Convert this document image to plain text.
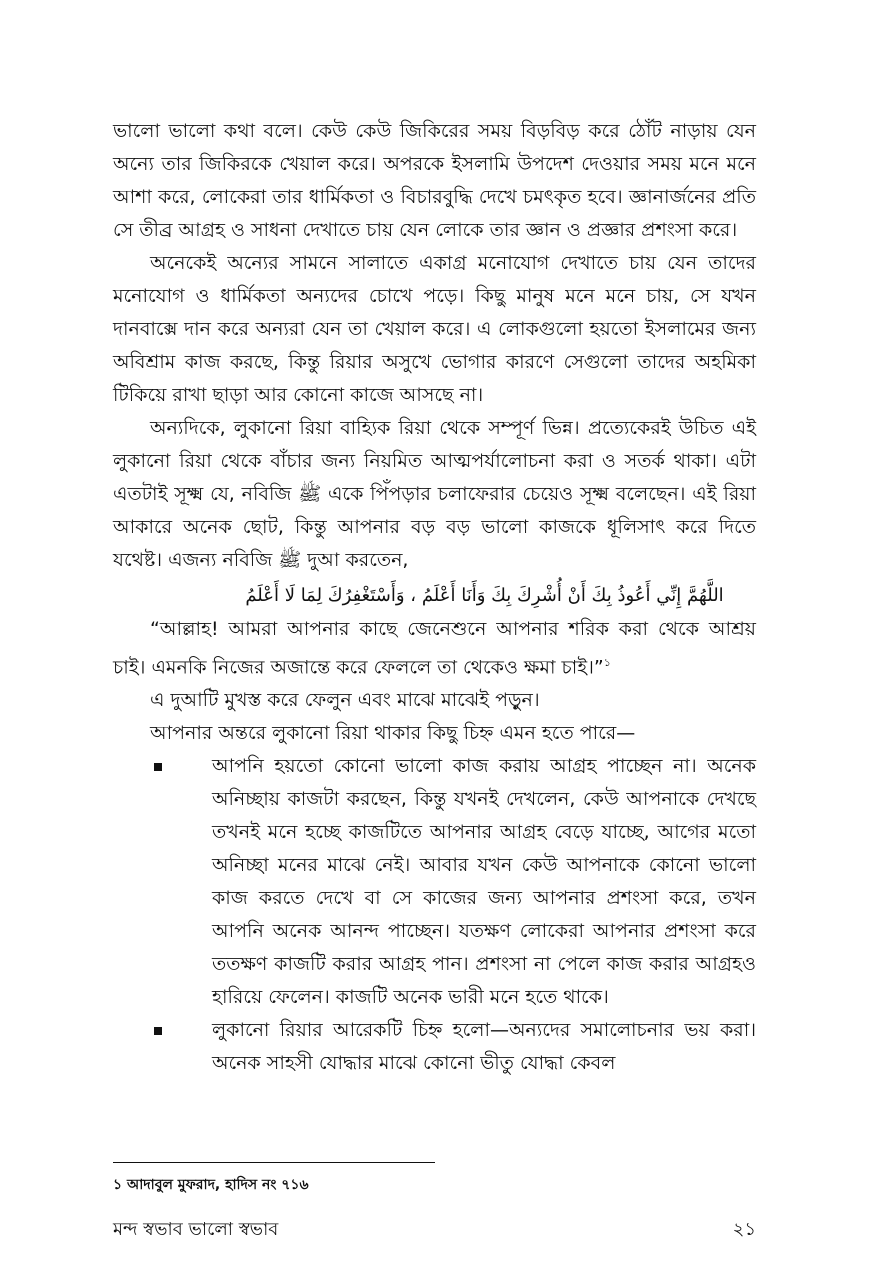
ভালো ভালো কথা বলে। কেউ কেউ জিকিরের সময় বিড়বিড় করে ঠোঁট নাড়ায় যেন অন্যে তার জিকিরকে খেয়াল করে। অপরকে ইসলামি উপদেশ দেওয়ার সময় মনে মনে আশা করে, লোকেরা তার ধার্মিকতা ও বিচারবুদ্ধি দেখে চমৎকৃত হবে। জ্ঞানার্জনের প্রতি সে তীব্র আগ্রহ ও সাধনা দেখাতে চায় যেন লোকে তার জ্ঞান ও প্রজ্ঞার প্রশংসা করে।

অনেকেই অন্যের সামনে সালাতে একাগ্র মনোযোগ দেখাতে চায় যেন তাদের মনোযোগ ও ধার্মিকতা অন্যদের চোখে পড়ে। কিছু মানুষ মনে মনে চায়, সে যখন দানবাক্সে দান করে অন্যরা যেন তা খেয়াল করে। এ লোকগুলো হয়তো ইসলামের জন্য অবিশ্রাম কাজ করছে, কিন্তু রিয়ার অসুখে ভোগার কারণে সেগুলো তাদের অহমিকা টিকিয়ে রাখা ছাড়া আর কোনো কাজে আসছে না।

অন্যদিকে, লুকানো রিয়া বাহ্যিক রিয়া থেকে সম্পূর্ণ ভিন্ন। প্রত্যেকেরই উচিত এই লুকানো রিয়া থেকে বাঁচার জন্য নিয়মিত আত্মপর্যালোচনা করা ও সতর্ক থাকা। এটা এতটাই সূক্ষ্ম যে, নবিজি ﷺ একে পিঁপড়ার চলাফেরার চেয়েও সূক্ষ্ম বলেছেন। এই রিয়া আকারে অনেক ছোট, কিন্তু আপনার বড় বড় ভালো কাজকে ধূলিসাৎ করে দিতে যথেষ্ট। এজন্য নবিজি ﷺ দুআ করতেন,

اللَّهُمَّ إِنِّي أَعُوذُ بِكَ أَنْ أُشْرِكَ بِكَ وَأَنَا أَعْلَمُ ، وَأَسْتَغْفِرُكَ لِمَا لَا أَعْلَمُ

“আল্লাহ! আমরা আপনার কাছে জেনেশুনে আপনার শরিক করা থেকে আশ্রয় চাই। এমনকি নিজের অজান্তে করে ফেললে তা থেকেও ক্ষমা চাই।”$^১$

এ দুআটি মুখস্ত করে ফেলুন এবং মাঝে মাঝেই পড়ুন।

আপনার অন্তরে লুকানো রিয়া থাকার কিছু চিহ্ন এমন হতে পারে—

আপনি হয়তো কোনো ভালো কাজ করায় আগ্রহ পাচ্ছেন না। অনেক অনিচ্ছায় কাজটা করছেন, কিন্তু যখনই দেখলেন, কেউ আপনাকে দেখছে তখনই মনে হচ্ছে কাজটিতে আপনার আগ্রহ বেড়ে যাচ্ছে, আগের মতো অনিচ্ছা মনের মাঝে নেই। আবার যখন কেউ আপনাকে কোনো ভালো কাজ করতে দেখে বা সে কাজের জন্য আপনার প্রশংসা করে, তখন আপনি অনেক আনন্দ পাচ্ছেন। যতক্ষণ লোকেরা আপনার প্রশংসা করে ততক্ষণ কাজটি করার আগ্রহ পান। প্রশংসা না পেলে কাজ করার আগ্রহও হারিয়ে ফেলেন। কাজটি অনেক ভারী মনে হতে থাকে।
লুকানো রিয়ার আরেকটি চিহ্ন হলো—অন্যদের সমালোচনার ভয় করা। অনেক সাহসী যোদ্ধার মাঝে কোনো ভীতু যোদ্ধা কেবল
১ আদাবুল মুফরাদ, হাদিস নং ৭১৬
মন্দ স্বভাব ভালো স্বভাব	২১
